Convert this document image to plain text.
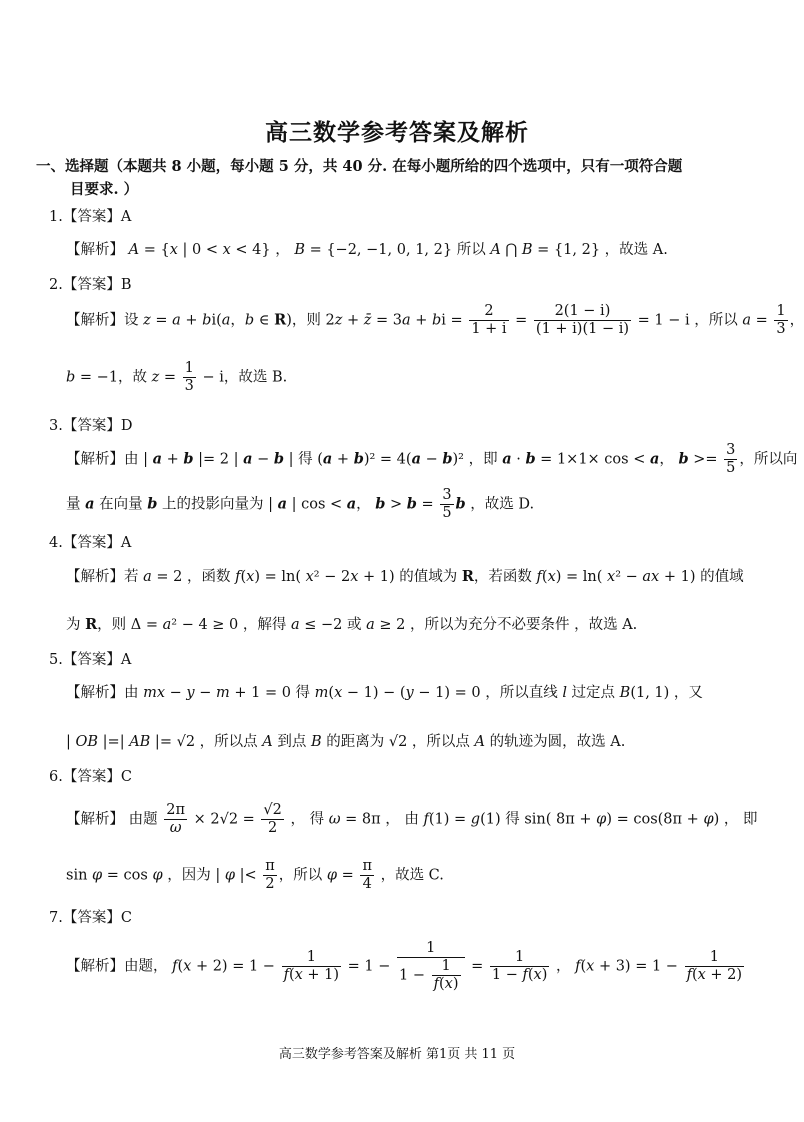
高三数学参考答案及解析
一、选择题（本题共 8 小题，每小题 5 分，共 40 分. 在每小题所给的四个选项中，只有一项符合题
目要求. ）
1.【答案】A
【解析】 A = {x | 0 < x < 4} ， B = {−2, −1, 0, 1, 2} 所以 A ⋂ B = {1, 2} ，故选 A.
2.【答案】B
【解析】设 z = a + bi(a，b ∈ R)，则 2z + z̄ = 3a + bi = $\frac{2}{1 + i} = \frac{2(1 - i)}{(1 + i)(1 - i)} = 1 - i$ ，所以 $a = \frac{1}{3}$ ，
b = −1，故 $z = \frac{1}{3} - i$，故选 B.
3.【答案】D
【解析】由 | a + b |= 2 | a − b | 得 (a + b)² = 4(a − b)² ，即 a · b = 1×1× cos < a， $b >= \frac{3}{5}$ ，所以向
量 a 在向量 b 上的投影向量为 | a | cos < a， $b > b = \frac{3}{5}$ b ，故选 D.
4.【答案】A
【解析】若 a = 2 ，函数 f(x) = ln( x² − 2x + 1) 的值域为 R，若函数 f(x) = ln( x² − ax + 1) 的值域
为 R，则 Δ = a² − 4 ≥ 0 ，解得 a ≤ −2 或 a ≥ 2 ，所以为充分不必要条件 ，故选 A.
5.【答案】A
【解析】由 mx − y − m + 1 = 0 得 m(x − 1) − (y − 1) = 0 ，所以直线 l 过定点 B(1, 1) ，又
| OB |=| AB |= √2 ，所以点 A 到点 B 的距离为 √2 ，所以点 A 的轨迹为圆，故选 A.
6.【答案】C
【解析】 由题 $\frac{2\pi}{\omega} \times 2√2 = \frac{√2}{2}$ ， 得 ω = 8π ， 由 f(1) = g(1) 得 sin( 8π + φ) = cos(8π + φ) ， 即
sin φ = cos φ ，因为 | φ |< $\frac{\pi}{2}$ ，所以 $\varphi = \frac{\pi}{4}$ ，故选 C.
7.【答案】C
【解析】由题， $f(x + 2) = 1 - \frac{1}{f(x + 1)} = 1 - \frac{1}{1 - \frac{1}{f(x)}} = \frac{1}{1 - f(x)}$ ， $f(x + 3) = 1 - \frac{1}{f(x + 2)}$
高三数学参考答案及解析 第1页 共 11 页
